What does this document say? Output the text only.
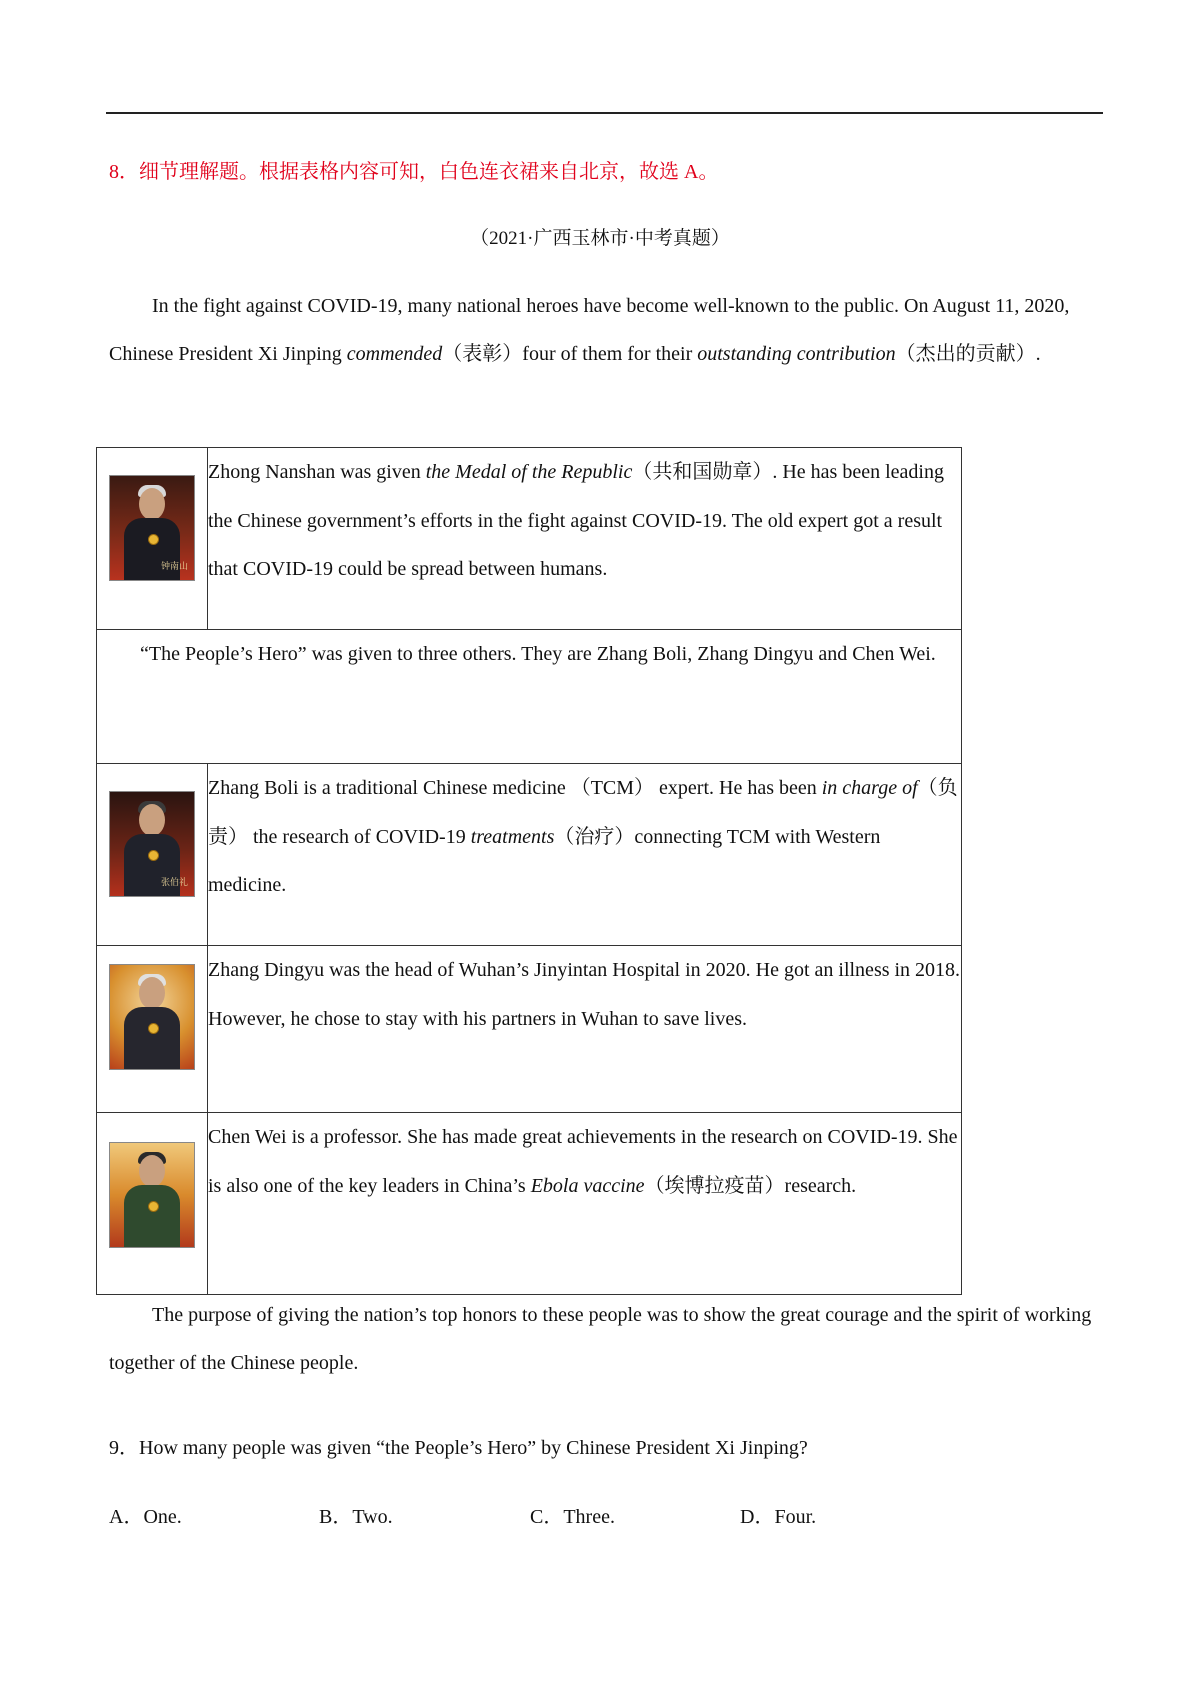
8．细节理解题。根据表格内容可知，白色连衣裙来自北京，故选 A。
（2021·广西玉林市·中考真题）
In the fight against COVID-19, many national heroes have become well-known to the public. On August 11, 2020, Chinese President Xi Jinping commended（表彰）four of them for their outstanding contribution（杰出的贡献）.
钟南山	Zhong Nanshan was given the Medal of the Republic（共和国勋章）. He has been leading the Chinese government’s efforts in the fight against COVID-19. The old expert got a result that COVID-19 could be spread between humans.
“The People’s Hero” was given to three others. They are Zhang Boli, Zhang Dingyu and Chen Wei.	

张伯礼	Zhang Boli is a traditional Chinese medicine （TCM） expert. He has been in charge of（负责） the research of COVID-19 treatments（治疗）connecting TCM with Western medicine.

	Zhang Dingyu was the head of Wuhan’s Jinyintan Hospital in 2020. He got an illness in 2018. However, he chose to stay with his partners in Wuhan to save lives.

	Chen Wei is a professor. She has made great achievements in the research on COVID-19. She is also one of the key leaders in China’s Ebola vaccine（埃博拉疫苗）research.
The purpose of giving the nation’s top honors to these people was to show the great courage and the spirit of working together of the Chinese people.
9．How many people was given “the People’s Hero” by Chinese President Xi Jinping?
A．One.	B．Two.	C．Three.	D．Four.
